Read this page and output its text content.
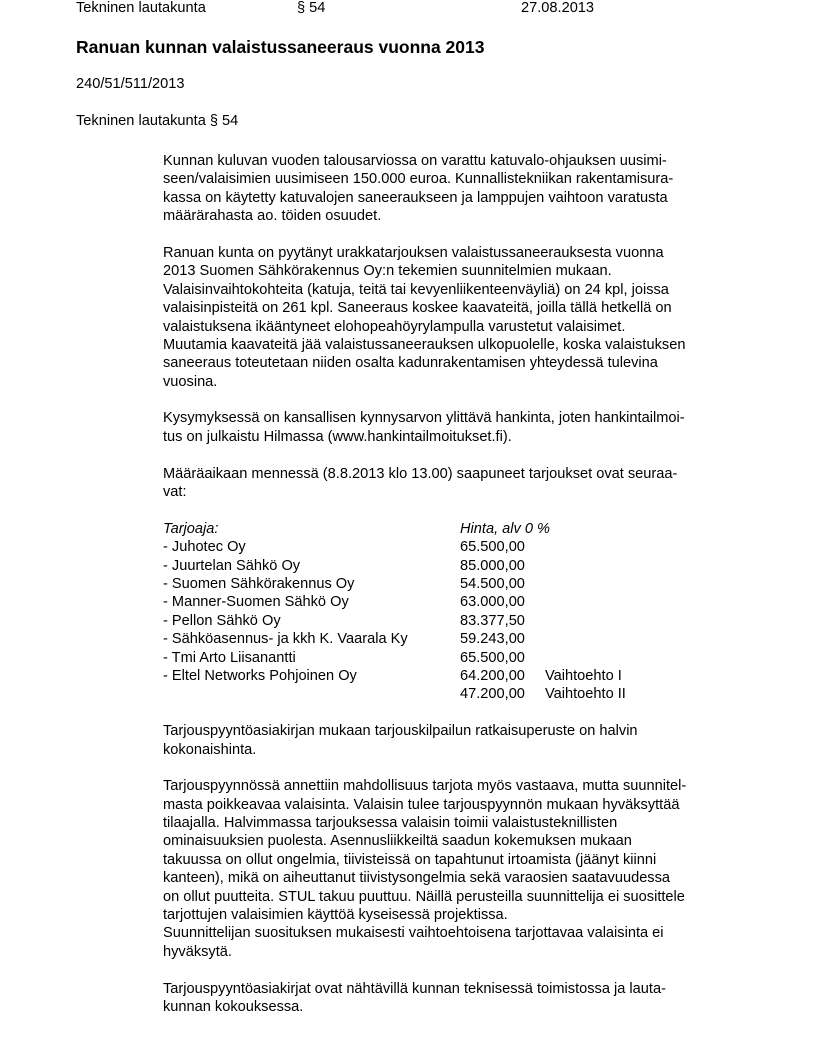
Tekninen lautakunta	§ 54	27.08.2013
Ranuan kunnan valaistussaneeraus vuonna 2013
240/51/511/2013
Tekninen lautakunta § 54
Kunnan kuluvan vuoden talousarviossa on varattu katuvalo-ohjauksen uusimi-
seen/valaisimien uusimiseen 150.000 euroa. Kunnallistekniikan rakentamisura-
kassa on käytetty katuvalojen saneeraukseen ja lamppujen vaihtoon varatusta
määrärahasta ao. töiden osuudet.
Ranuan kunta on pyytänyt urakkatarjouksen valaistussaneerauksesta vuonna
2013 Suomen Sähkörakennus Oy:n tekemien suunnitelmien mukaan.
Valaisinvaihtokohteita (katuja, teitä tai kevyenliikenteenväyliä) on 24 kpl, joissa
valaisinpisteitä on 261 kpl. Saneeraus koskee kaavateitä, joilla tällä hetkellä on
valaistuksena ikääntyneet elohopeahöyrylampulla varustetut valaisimet.
Muutamia kaavateitä jää valaistussaneerauksen ulkopuolelle, koska valaistuksen
saneeraus toteutetaan niiden osalta kadunrakentamisen yhteydessä tulevina
vuosina.
Kysymyksessä on kansallisen kynnysarvon ylittävä hankinta, joten hankintailmoi-
tus on julkaistu Hilmassa (www.hankintailmoitukset.fi).
Määräaikaan mennessä (8.8.2013 klo 13.00) saapuneet tarjoukset ovat seuraa-
vat:
Tarjoaja:	Hinta, alv 0 %
- Juhotec Oy	65.500,00
- Juurtelan Sähkö Oy	85.000,00
- Suomen Sähkörakennus Oy	54.500,00
- Manner-Suomen Sähkö Oy	63.000,00
- Pellon Sähkö Oy	83.377,50
- Sähköasennus- ja kkh K. Vaarala Ky	59.243,00
- Tmi Arto Liisanantti	65.500,00
- Eltel Networks Pohjoinen Oy	64.200,00 Vaihtoehto I
47.200,00 Vaihtoehto II
Tarjouspyyntöasiakirjan mukaan tarjouskilpailun ratkaisuperuste on halvin
kokonaishinta.
Tarjouspyynnössä annettiin mahdollisuus tarjota myös vastaava, mutta suunnitel-
masta poikkeavaa valaisinta. Valaisin tulee tarjouspyynnön mukaan hyväksyttää
tilaajalla. Halvimmassa tarjouksessa valaisin toimii valaistusteknillisten
ominaisuuksien puolesta. Asennusliikkeiltä saadun kokemuksen mukaan
takuussa on ollut ongelmia, tiivisteissä on tapahtunut irtoamista (jäänyt kiinni
kanteen), mikä on aiheuttanut tiivistysongelmia sekä varaosien saatavuudessa
on ollut puutteita. STUL takuu puuttuu. Näillä perusteilla suunnittelija ei suosittele
tarjottujen valaisimien käyttöä kyseisessä projektissa.
Suunnittelijan suosituksen mukaisesti vaihtoehtoisena tarjottavaa valaisinta ei
hyväksytä.
Tarjouspyyntöasiakirjat ovat nähtävillä kunnan teknisessä toimistossa ja lauta-
kunnan kokouksessa.
